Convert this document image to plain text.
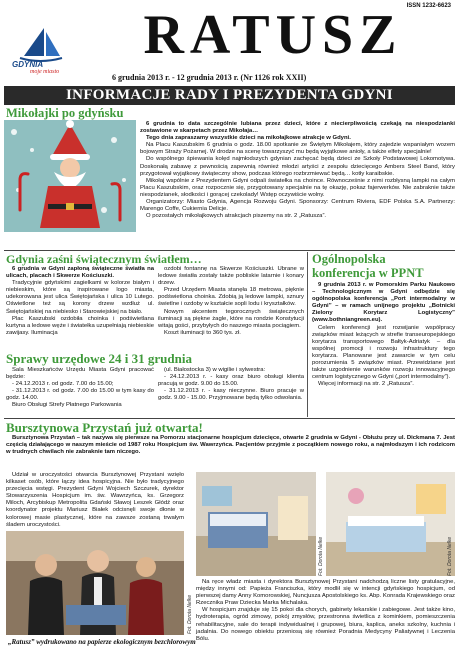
ISSN 1232-6623
GDYNIA
moje miasto
RATUSZ
6 grudnia 2013 r. - 12 grudnia 2013 r. (Nr 1126 rok XXII)
INFORMACJE RADY I PREZYDENTA GDYNI
Mikołajki po gdyńsku

6 grudnia to data szczególnie lubiana przez dzieci, które z niecierpliwością czekają na niespodzianki zostawione w skarpetach przez Mikołaja…

Tego dnia zapraszamy wszystkie dzieci na mikołajkowe atrakcje w Gdyni.

Na Placu Kaszubskim 6 grudnia o godz. 18.00 spotkanie ze Świętym Mikołajem, który zajedzie wspaniałym wozem bojowym Straży Pożarnej. W drodze na scenę towarzyszyć mu będą wyjątkowe anioły, a także elfety specjalnie!

Do wspólnego śpiewania kolęd najmłodszych gdynian zachęcać będą dzieci ze Szkoły Podstawowej Lokomotywa. Doskonałą zabawę z pewnością zapewnią również młodzi artyści z zespołu dziecięcego Ambers Steel Band, który przygotował wyjątkowy świąteczny show, podczas którego rozbrzmiewać będą… kotły karaibskie.

Mikołaj wspólnie z Prezydentem Gdyni odpali światełka na choince. Równocześnie z nimi rozbłysną lampki na całym Placu Kaszubskim, oraz rozpocznie się, przygotowany specjalnie na tę okazję, pokaz fajerwerków. Nie zabraknie także niespodzianek, słodkości i gorącej czekolady! Wstęp oczywiście wolny.

Organizatorzy: Miasto Gdynia, Agencja Rozwoju Gdyni. Sponsorzy: Centrum Riviera, EDF Polska S.A. Partnerzy: Marengo Coffe, Cukiernia Delicje.

O pozostałych mikołajkowych atrakcjach piszemy na str. 2 „Ratusza”.

Gdynia zaśni świątecznym światłem…

6 grudnia w Gdyni zapłoną świąteczne światła na ulicach, placach i Skwerze Kościuszki.

Tradycyjnie gdyńskimi zagielkami w kolorze białym i niebieskim, które są inspirowane logo miasta, udekorowana jest ulica Świętojańska i ulica 10 Lutego. Oświetlone też są korony drzew wzdłuż ul. Świętojańskiej na niebiesko i Starowiejskiej na biało.

Plac Kaszubski ozdobiła choinka i podświetlana kurtyna a ledowe węże i światełka uzupełniają niebieskie zawijasy. Iluminacja

ozdobi fontannę na Skwerze Kościuszki. Ubrane w ledowe światła zostały także pobliskie latarnie i konary drzew.

Przed Urzędem Miasta stanęła 18 metrowa, pięknie podświetlona choinka. Zdobią ją ledowe lampki, sznury świetlne i ozdoby w kształcie sopli lodu i kryształków.

Nowym akcentem tegorocznych świątecznych iluminacji są piękne żagle, które na rondzie Konstytucji witają gości, przybyłych do naszego miasta pociągiem.

Koszt iluminacji to 360 tys. zł.

Sprawy urzędowe 24 i 31 grudnia

Sala Mieszkańców Urzędu Miasta Gdyni pracować będzie:

- 24.12.2013 r. od godz. 7.00 do 15.00;

- 31.12.2013 r. od godz. 7.00 do 15.00 w tym kasy do godz. 14.00.

Biuro Obsługi Strefy Płatnego Parkowania

(ul. Białostocka 3) w wigilie i sylwestra:

- 24.12.2013 r. - kasy oraz biuro obsługi klienta pracują w godz. 9.00 do 15.00.

- 31.12.2013 r. - kasy nieczynne. Biuro pracuje w godz. 9.00 - 15.00. Przyjmowane będą tylko odwołania.

Ogólnopolska
konferencja w PPNT

9 grudnia 2013 r. w Pomorskim Parku Naukowo – Technologicznym w Gdyni odbędzie się ogólnopolska konferencja „Port intermodalny w Gdyni” – w ramach unijnego projektu „Botnicki Zielony Korytarz Logistyczny” (www.bothniangreen.eu).

Celem konferencji jest rozwijanie współpracy związków miast leżących w strefie transeuropejskiego korytarza transportowego Bałtyk-Adriatyk – dla wspólnej promocji i rozwoju infrastruktury tego korytarza. Planowane jest zawarcie w tym celu porozumienia 5 związków miast. Przewidziane jest także uzgodnienie warunków rozwoju innowacyjnego centrum logistycznego w Gdyni („port intermodalny”).

Więcej informacji na str. 2 „Ratusza”.

Bursztynowa Przystań już otwarta!

Bursztynowa Przystań – tak nazywa się pierwsze na Pomorzu stacjonarne hospicjum dziecięce, otwarte 2 grudnia w Gdyni - Obłużu przy ul. Dickmana 7. Jest częścią działającego w naszym mieście od 1987 roku Hospicjum św. Wawrzyńca. Pacjentów przyjmie z początkiem nowego roku, a najmłodszym i ich rodzicom w trudnych chwilach nie zabraknie tam niczego.

Udział w uroczystości otwarcia Bursztynowej Przystani wzięło kilkaset osób, które łączy idea hospicyjna. Nie było tradycyjnego przecięcia wstęgi. Prezydent Gdyni Wojciech Szczurek, dyrektor Stowarzyszenia Hospicjum im. św. Wawrzyńca, ks. Grzegorz Miloch, Arcybiskup Metropolita Gdański Sławoj Leszek Głódź oraz koordynator projektu Mariusz Białek odcisnęli swoje dłonie w kolorowej masie plastycznej, które na zawsze zostaną trwałym śladem uroczystości.

Fot. Dorota Nelke
Fot. Dorota Nelke	Fot. Dorota Nelke

Na ręce władz miasta i dyrektora Bursztynowej Przystani nadchodzą liczne listy gratulacyjne, między innymi od: Papieża Franciszka, który modlił się w intencji gdyńskiego hospicjum, od pierwszej damy Anny Komorowskiej, Nuncjusza Apostolskiego ks. Abp. Konrada Krajewskiego oraz Rzecznika Praw Dziecka Marka Michalaka.

W hospicjum znajduje się 15 pokoi dla chorych, gabinety lekarskie i zabiegowe. Jest także kino, hydroterapia, ogród zimowy, pokój zmysłów, przestronna świetlica z kominkiem, pomieszczenia rehabilitacyjne, sale do terapii indywidualnej i grupowej, biura, kaplica, aneks szkolny, kuchnia i jadalnia. Do nowego obiektu przeniosą się również Poradnia Medycyny Paliatywnej i Leczenia Bólu.

„Ratusz” wydrukowano na papierze ekologicznym bezchlorowym
